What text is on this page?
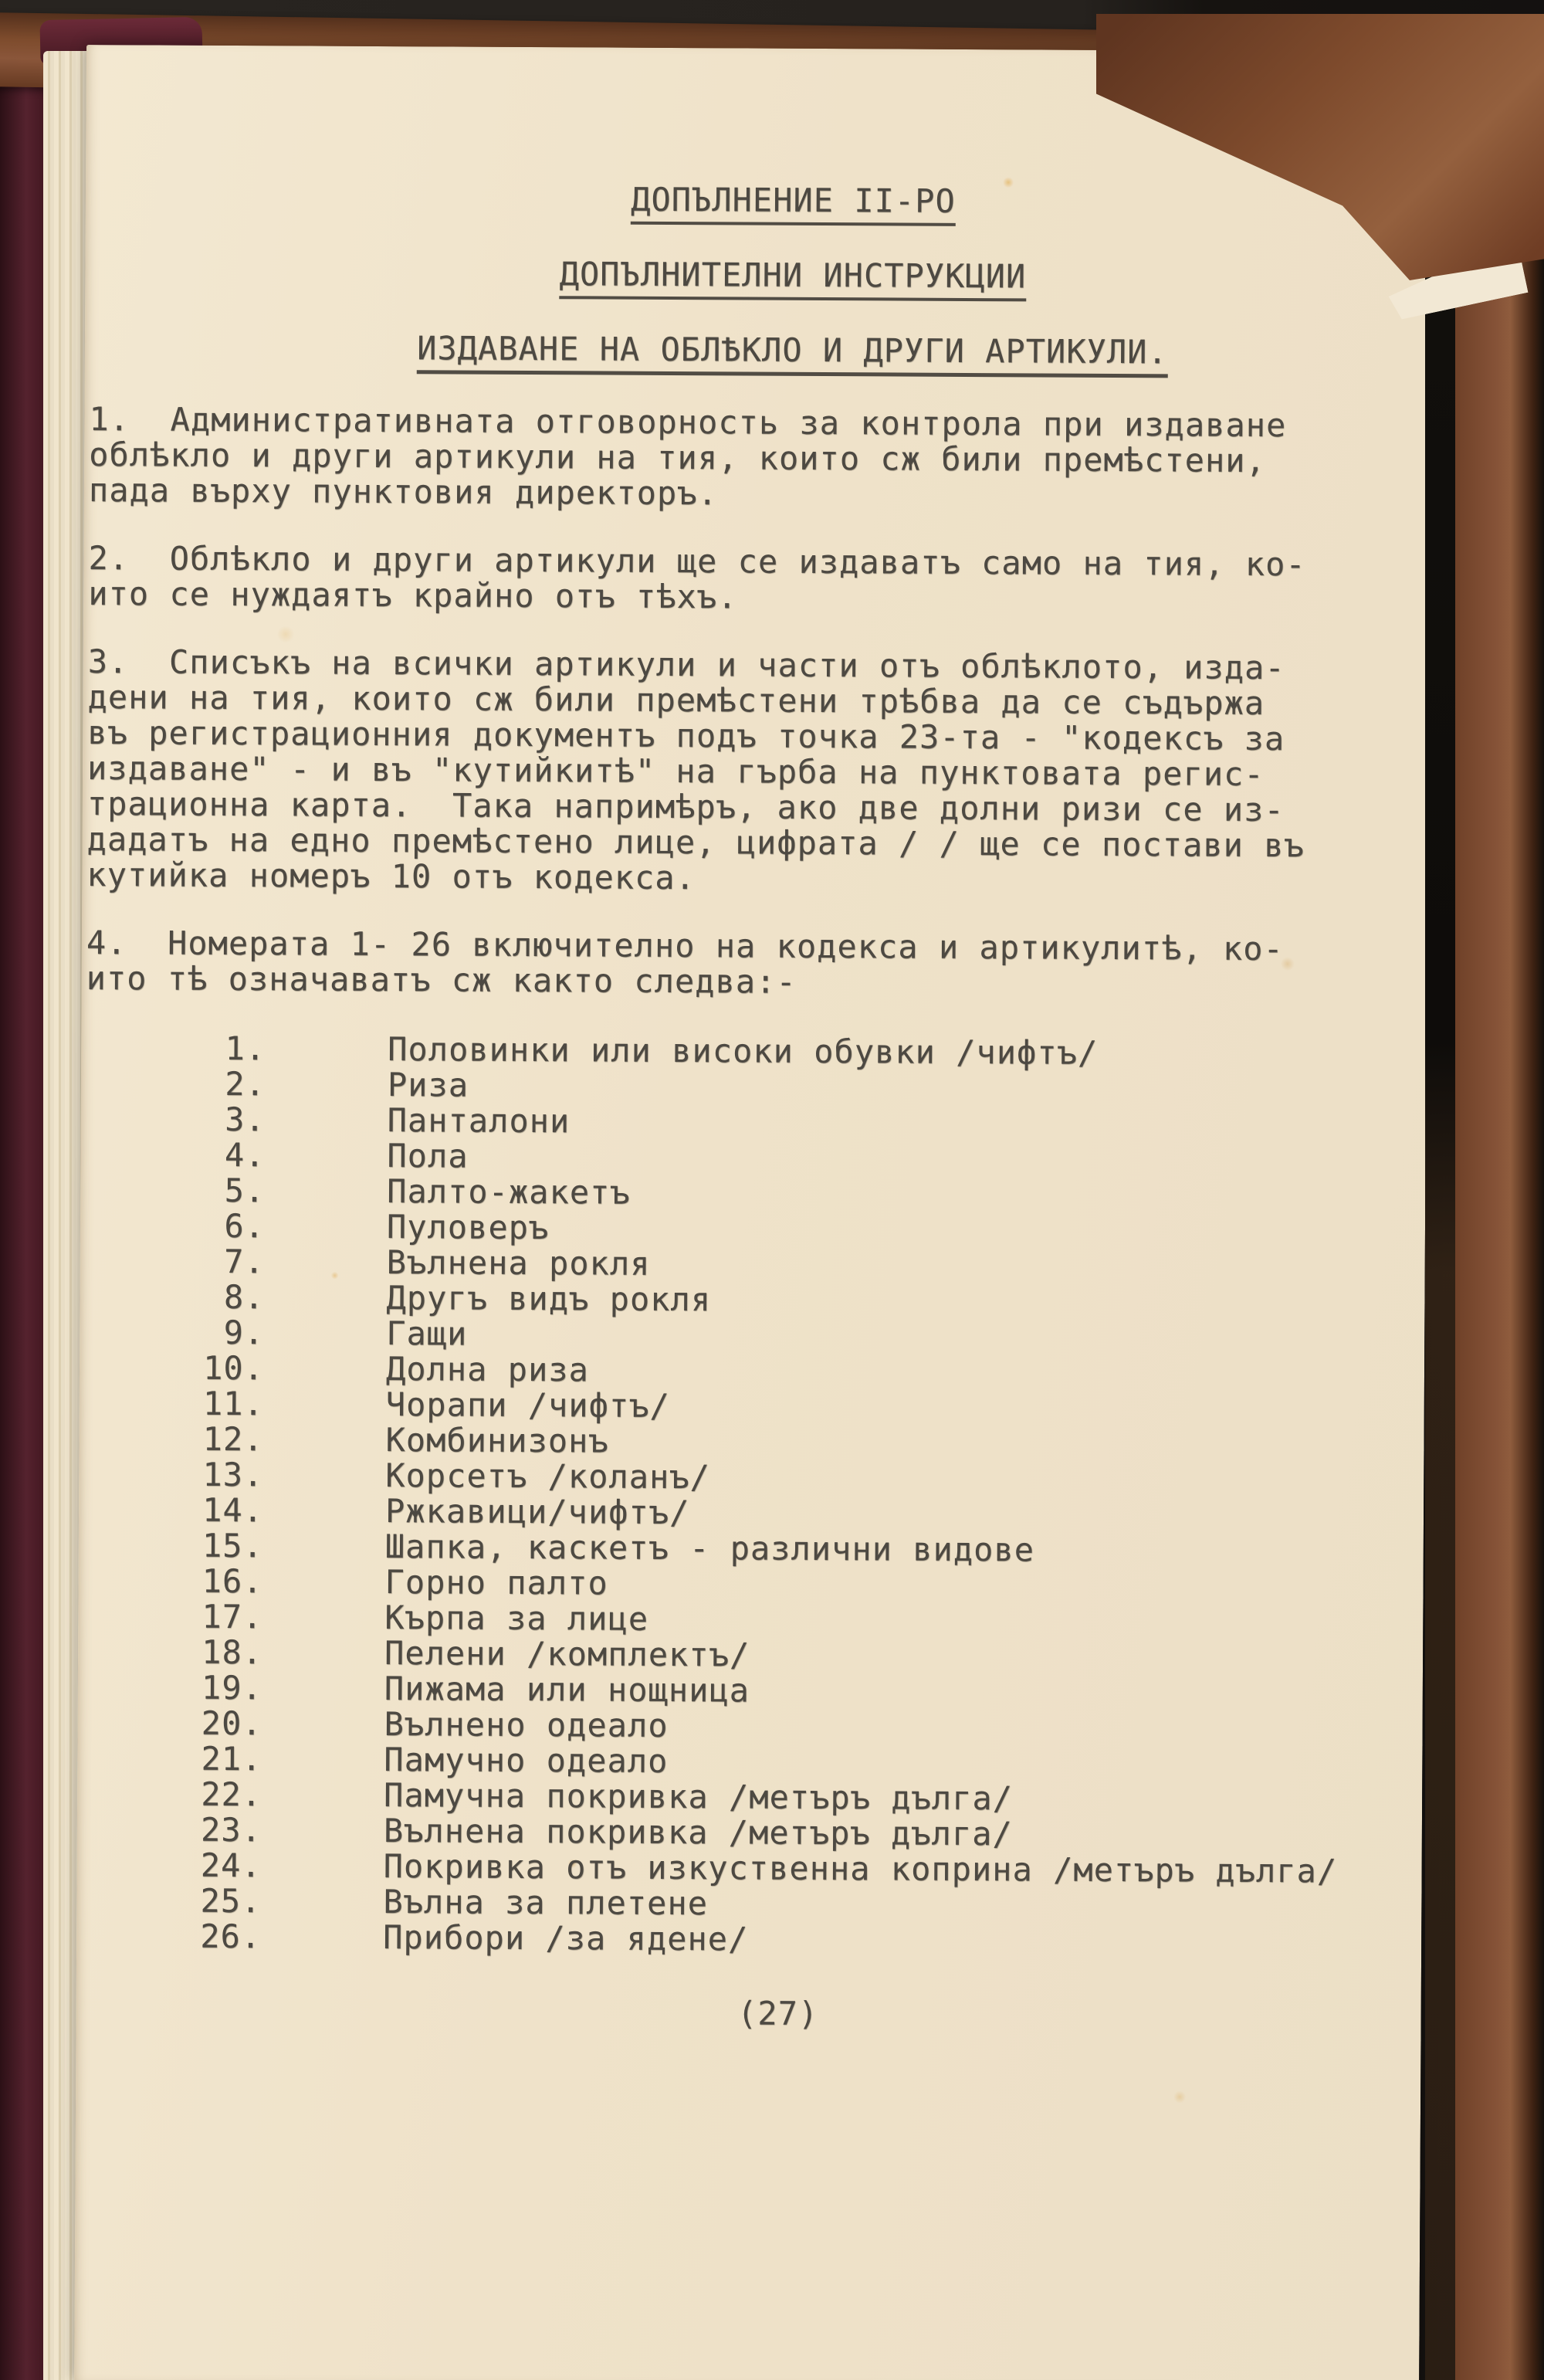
ДОПЪЛНЕНИЕ II-РО
ДОПЪЛНИТЕЛНИ ИНСТРУКЦИИ
ИЗДАВАНЕ НА ОБЛѢКЛО И ДРУГИ АРТИКУЛИ.
1.  Административната отговорность за контрола при издаване
облѣкло и други артикули на тия, които сж били премѣстени,
пада върху пунктовия директоръ.
2.  Облѣкло и други артикули ще се издаватъ само на тия, ко-
ито се нуждаятъ крайно отъ тѣхъ.
3.  Списъкъ на всички артикули и части отъ облѣклото, изда-
дени на тия, които сж били премѣстени трѣбва да се съдържа
въ регистрационния документъ подъ точка 23-та - "кодексъ за
издаване" - и въ "кутийкитѣ" на гърба на пунктовата регис-
трационна карта.  Така напримѣръ, ако две долни ризи се из-
дадатъ на едно премѣстено лице, цифрата / / ще се постави въ
кутийка номеръ 10 отъ кодекса.
4.  Номерата 1- 26 включително на кодекса и артикулитѣ, ко-
ито тѣ означаватъ сж както следва:-
1.	Половинки или високи обувки /чифтъ/
2.	Риза
3.	Панталони
4.	Пола
5.	Палто-жакетъ
6.	Пуловеръ
7.	Вълнена рокля
8.	Другъ видъ рокля
9.	Гащи
10.	Долна риза
11.	Чорапи /чифтъ/
12.	Комбинизонъ
13.	Корсетъ /коланъ/
14.	Ржкавици/чифтъ/
15.	Шапка, каскетъ - различни видове
16.	Горно палто
17.	Кърпа за лице
18.	Пелени /комплектъ/
19.	Пижама или нощница
20.	Вълнено одеало
21.	Памучно одеало
22.	Памучна покривка /метъръ дълга/
23.	Вълнена покривка /метъръ дълга/
24.	Покривка отъ изкуственна коприна /метъръ дълга/
25.	Вълна за плетене
26.	Прибори /за ядене/
(27)
